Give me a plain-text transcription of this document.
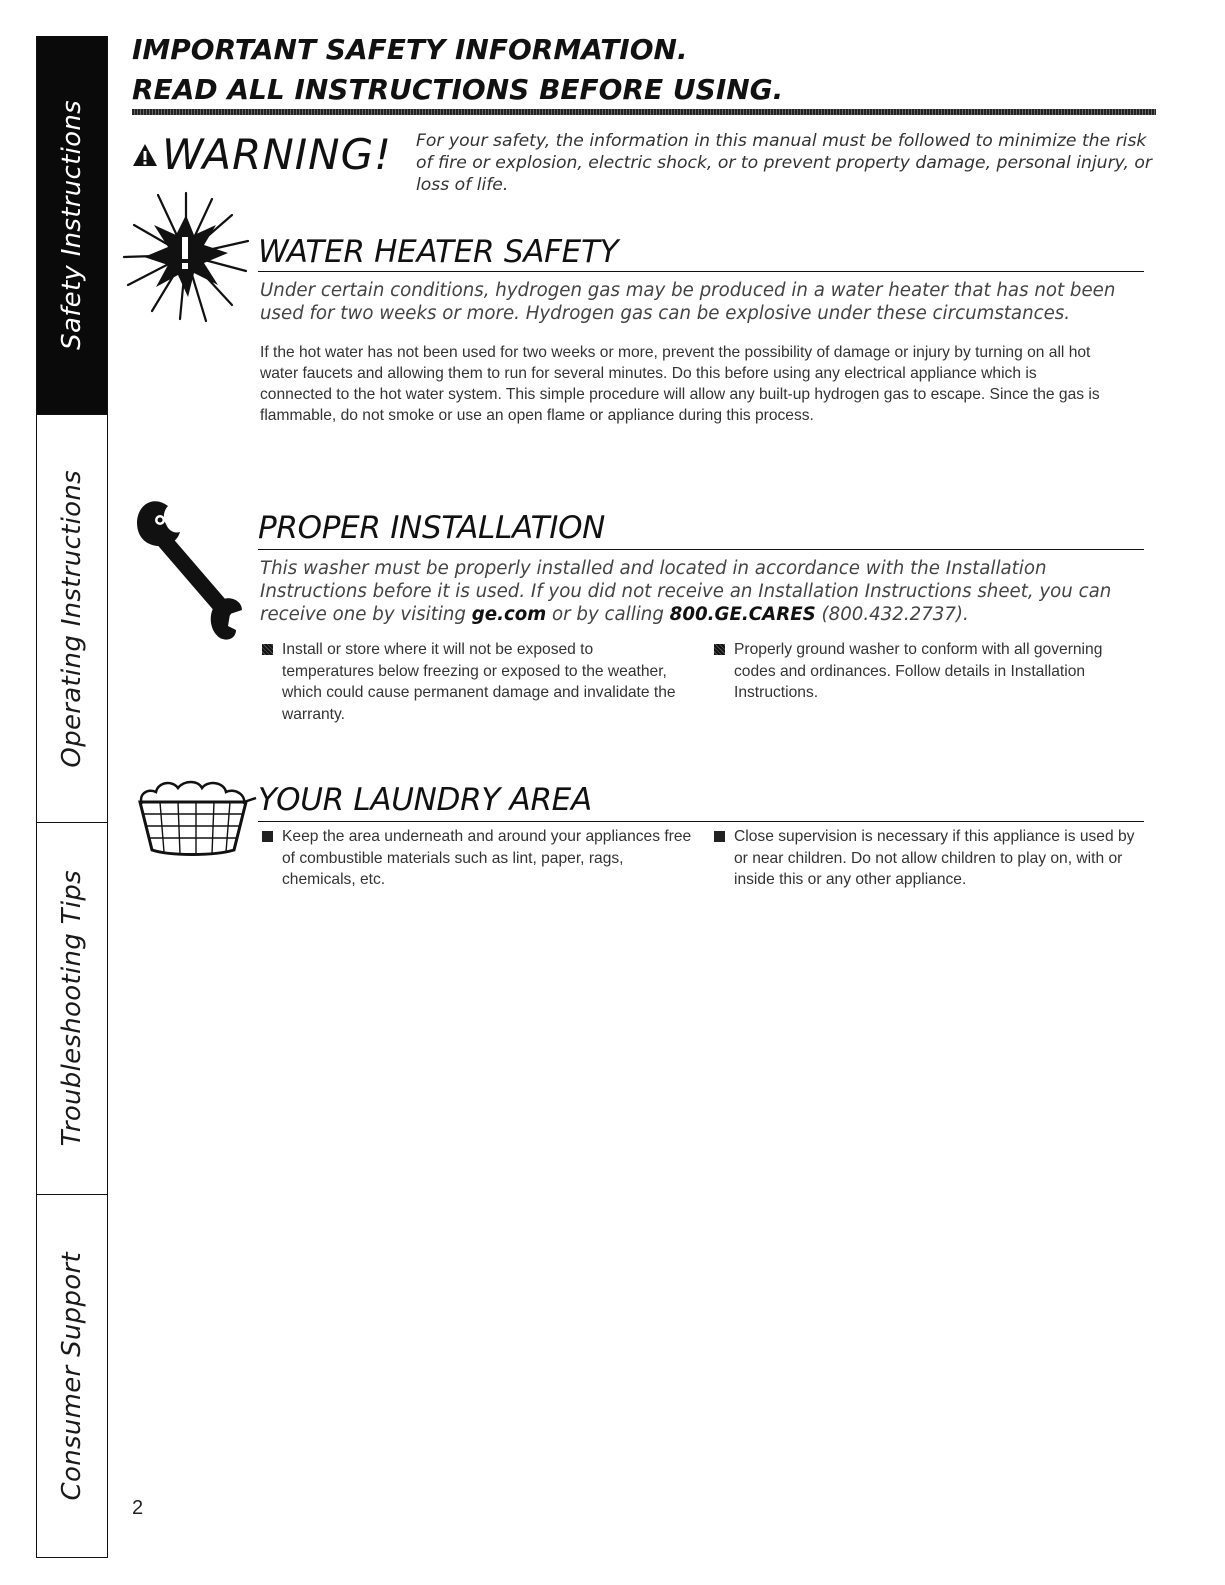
Safety Instructions
Operating Instructions
Troubleshooting Tips
Consumer Support
IMPORTANT SAFETY INFORMATION.
READ ALL INSTRUCTIONS BEFORE USING.
WARNING! For your safety, the information in this manual must be followed to minimize the risk of fire or explosion, electric shock, or to prevent property damage, personal injury, or loss of life.
WATER HEATER SAFETY
Under certain conditions, hydrogen gas may be produced in a water heater that has not been used for two weeks or more. Hydrogen gas can be explosive under these circumstances.
If the hot water has not been used for two weeks or more, prevent the possibility of damage or injury by turning on all hot water faucets and allowing them to run for several minutes. Do this before using any electrical appliance which is connected to the hot water system. This simple procedure will allow any built-up hydrogen gas to escape. Since the gas is flammable, do not smoke or use an open flame or appliance during this process.
PROPER INSTALLATION
This washer must be properly installed and located in accordance with the Installation Instructions before it is used. If you did not receive an Installation Instructions sheet, you can receive one by visiting ge.com or by calling 800.GE.CARES (800.432.2737).
Install or store where it will not be exposed to temperatures below freezing or exposed to the weather, which could cause permanent damage and invalidate the warranty.
Properly ground washer to conform with all governing codes and ordinances. Follow details in Installation Instructions.
YOUR LAUNDRY AREA
Keep the area underneath and around your appliances free of combustible materials such as lint, paper, rags, chemicals, etc.
Close supervision is necessary if this appliance is used by or near children. Do not allow children to play on, with or inside this or any other appliance.
2
